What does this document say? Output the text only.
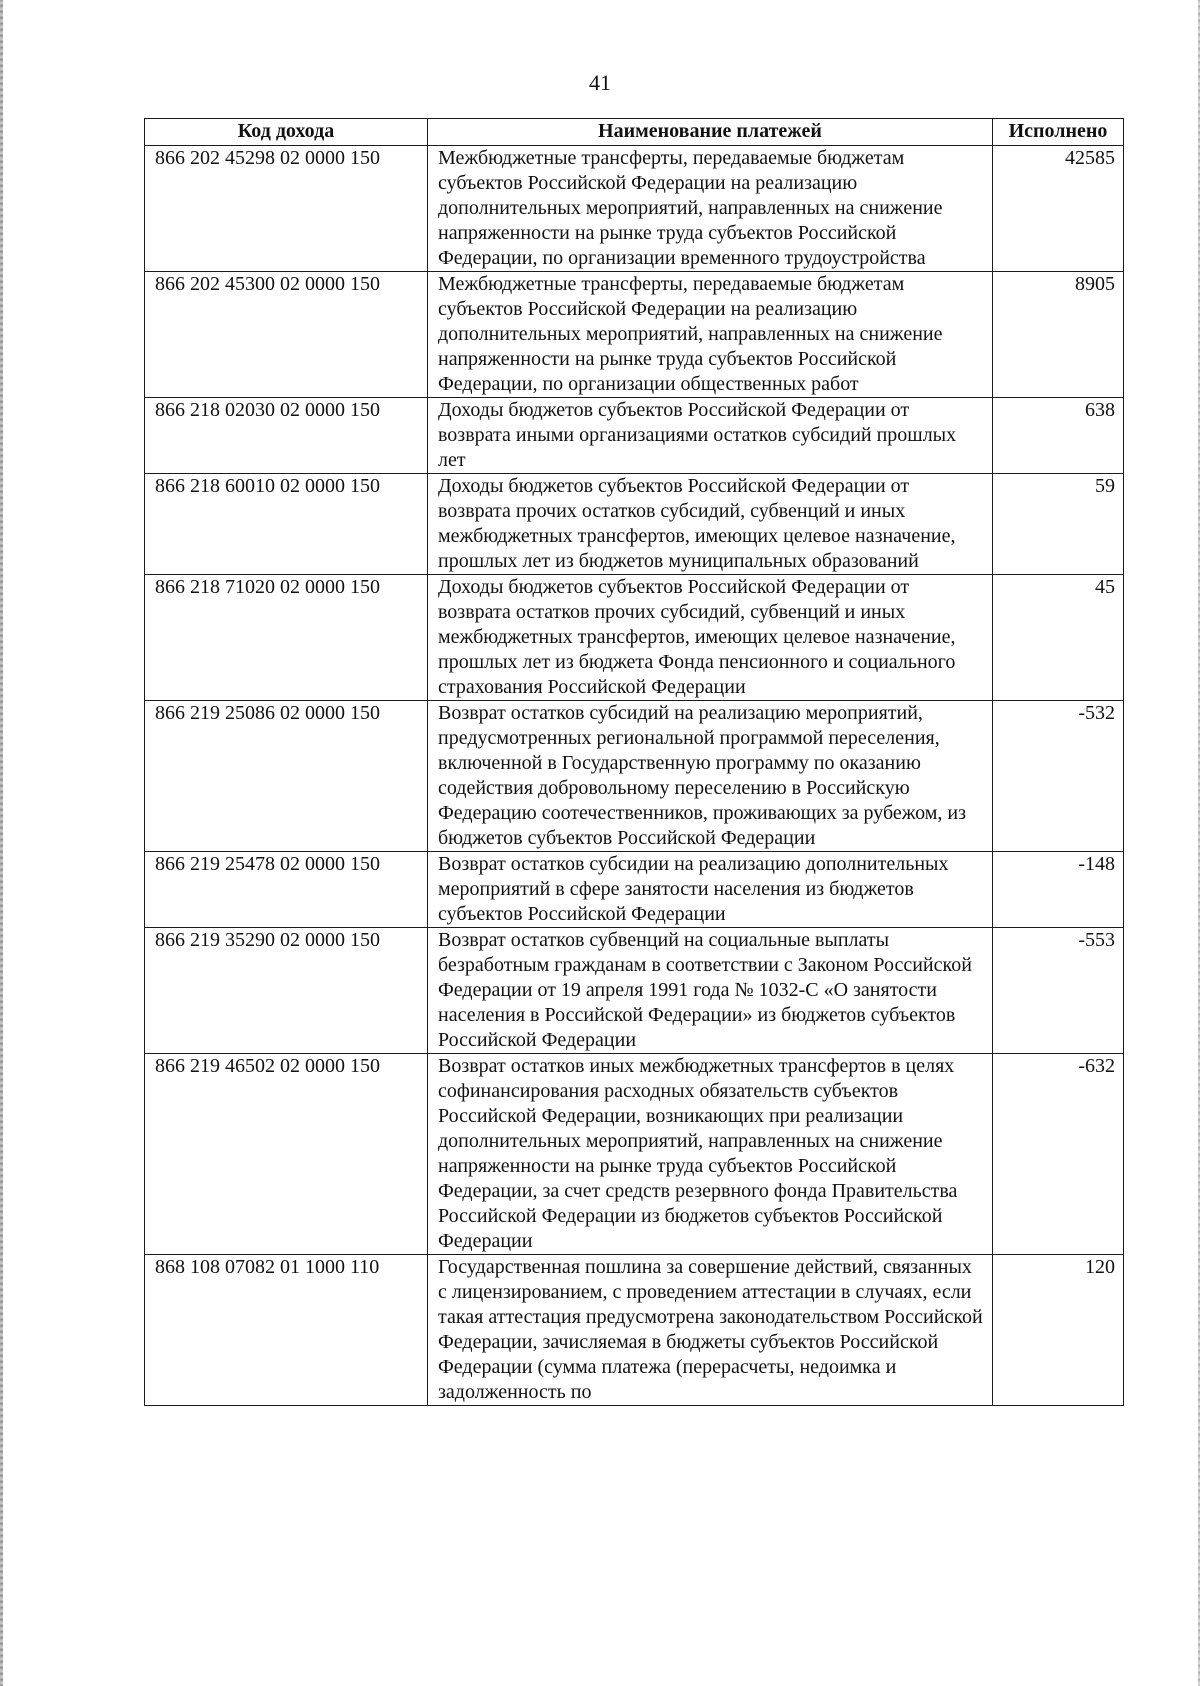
41
Код дохода	Наименование платежей	Исполнено
866 202 45298 02 0000 150	Межбюджетные трансферты, передаваемые бюджетам субъектов Российской Федерации на реализацию дополнительных мероприятий, направленных на снижение напряженности на рынке труда субъектов Российской Федерации, по организации временного трудоустройства	42585
866 202 45300 02 0000 150	Межбюджетные трансферты, передаваемые бюджетам субъектов Российской Федерации на реализацию дополнительных мероприятий, направленных на снижение напряженности на рынке труда субъектов Российской Федерации, по организации общественных работ	8905
866 218 02030 02 0000 150	Доходы бюджетов субъектов Российской Федерации от возврата иными организациями остатков субсидий прошлых лет	638
866 218 60010 02 0000 150	Доходы бюджетов субъектов Российской Федерации от возврата прочих остатков субсидий, субвенций и иных межбюджетных трансфертов, имеющих целевое назначение, прошлых лет из бюджетов муниципальных образований	59
866 218 71020 02 0000 150	Доходы бюджетов субъектов Российской Федерации от возврата остатков прочих субсидий, субвенций и иных межбюджетных трансфертов, имеющих целевое назначение, прошлых лет из бюджета Фонда пенсионного и социального страхования Российской Федерации	45
866 219 25086 02 0000 150	Возврат остатков субсидий на реализацию мероприятий, предусмотренных региональной программой переселения, включенной в Государственную программу по оказанию содействия добровольному переселению в Российскую Федерацию соотечественников, проживающих за рубежом, из бюджетов субъектов Российской Федерации	-532
866 219 25478 02 0000 150	Возврат остатков субсидии на реализацию дополнительных мероприятий в сфере занятости населения из бюджетов субъектов Российской Федерации	-148
866 219 35290 02 0000 150	Возврат остатков субвенций на социальные выплаты безработным гражданам в соответствии с Законом Российской Федерации от 19 апреля 1991 года № 1032-С «О занятости населения в Российской Федерации» из бюджетов субъектов Российской Федерации	-553
866 219 46502 02 0000 150	Возврат остатков иных межбюджетных трансфертов в целях софинансирования расходных обязательств субъектов Российской Федерации, возникающих при реализации дополнительных мероприятий, направленных на снижение напряженности на рынке труда субъектов Российской Федерации, за счет средств резервного фонда Правительства Российской Федерации из бюджетов субъектов Российской Федерации	-632
868 108 07082 01 1000 110	Государственная пошлина за совершение действий, связанных с лицензированием, с проведением аттестации в случаях, если такая аттестация предусмотрена законодательством Российской Федерации, зачисляемая в бюджеты субъектов Российской Федерации (сумма платежа (перерасчеты, недоимка и задолженность по	120
